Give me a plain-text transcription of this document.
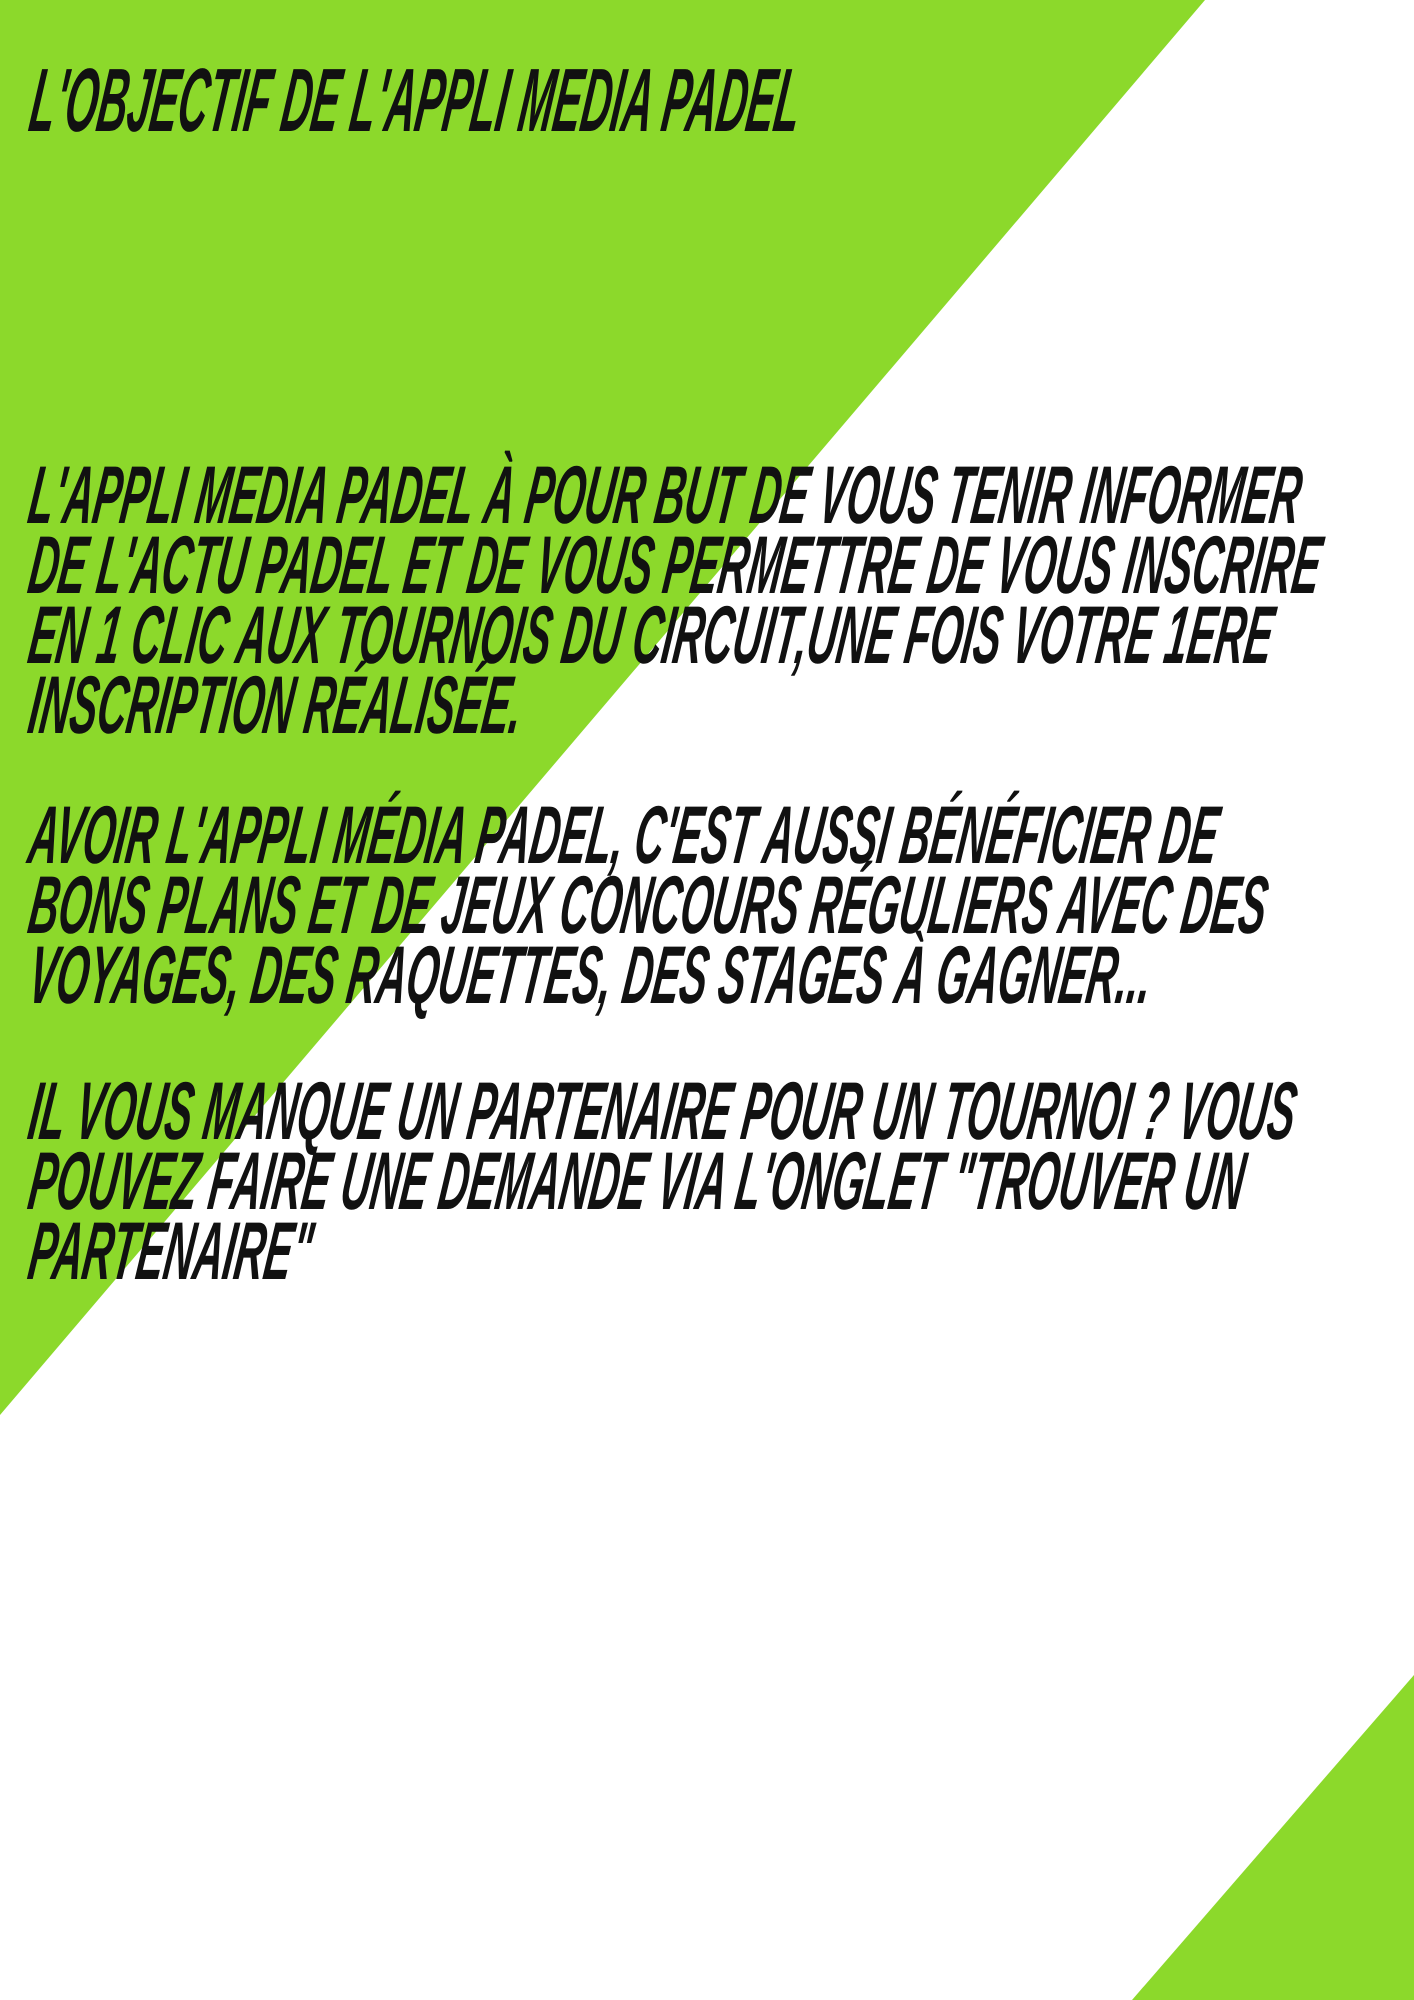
L'OBJECTIF DE L'APPLI MEDIA PADEL
L'APPLI MEDIA PADEL À POUR BUT DE VOUS TENIR INFORMER
DE L'ACTU PADEL ET DE VOUS PERMETTRE DE VOUS INSCRIRE
EN 1 CLIC AUX TOURNOIS DU CIRCUIT,UNE FOIS VOTRE 1ERE
INSCRIPTION RÉALISÉE.
AVOIR L'APPLI MÉDIA PADEL, C'EST AUSSI BÉNÉFICIER DE
BONS PLANS ET DE JEUX CONCOURS RÉGULIERS AVEC DES
VOYAGES, DES RAQUETTES, DES STAGES À GAGNER...
IL VOUS MANQUE UN PARTENAIRE POUR UN TOURNOI ? VOUS
POUVEZ FAIRE UNE DEMANDE VIA L'ONGLET "TROUVER UN
PARTENAIRE"
